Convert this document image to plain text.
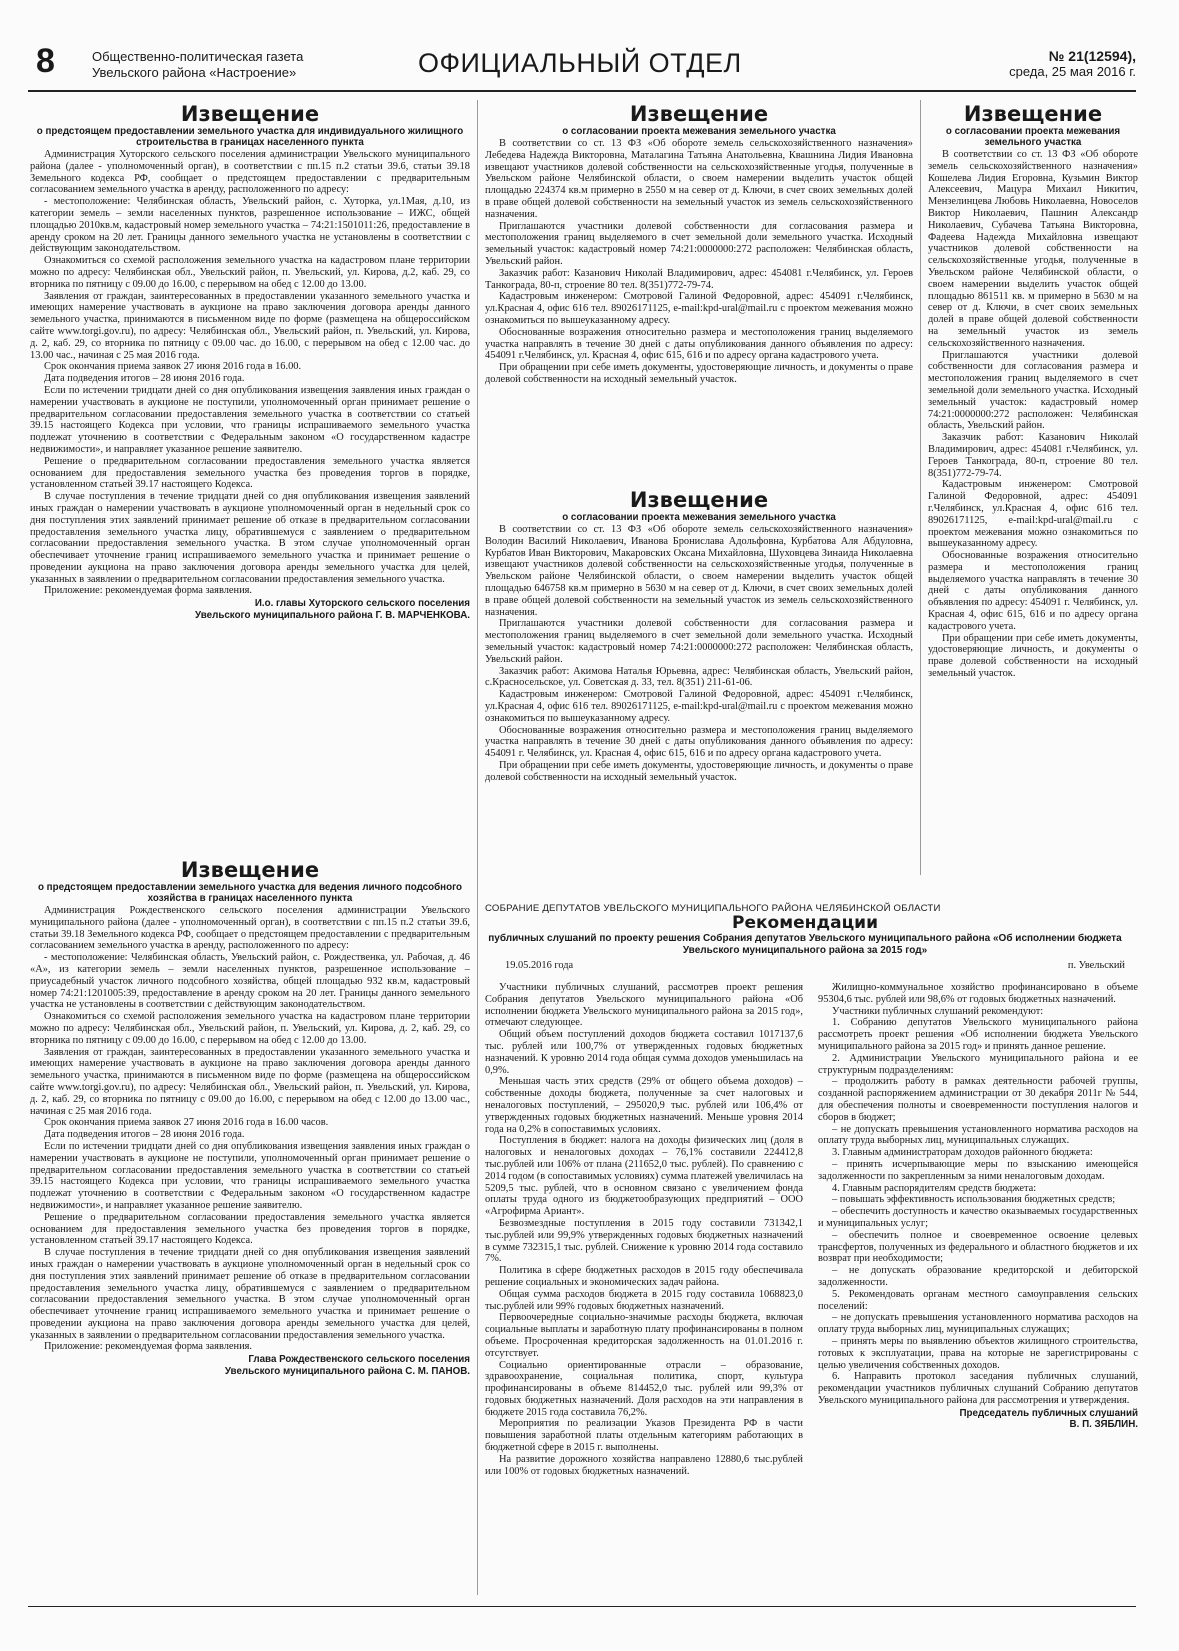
8	Общественно-политическая газета
Увельского района «Настроение»	ОФИЦИАЛЬНЫЙ ОТДЕЛ	№ 21(12594),
среда, 25 мая 2016 г.
Извещение
о предстоящем предоставлении земельного участка для индивидуального жилищного строительства в границах населенного пункта

Администрация Хуторского сельского поселения администрации Увельского муниципального района (далее - уполномоченный орган), в соответствии с пп.15 п.2 статьи 39.6, статьи 39.18 Земельного кодекса РФ, сообщает о предстоящем предоставлении с предварительным согласованием земельного участка в аренду, расположенного по адресу:

- местоположение: Челябинская область, Увельский район, с. Хуторка, ул.1Мая, д.10, из категории земель – земли населенных пунктов, разрешенное использование – ИЖС, общей площадью 2010кв.м, кадастровый номер земельного участка – 74:21:1501011:26, предоставление в аренду сроком на 20 лет. Границы данного земельного участка не установлены в соответствии с действующим законодательством.

Ознакомиться со схемой расположения земельного участка на кадастровом плане территории можно по адресу: Челябинская обл., Увельский район, п. Увельский, ул. Кирова, д.2, каб. 29, со вторника по пятницу с 09.00 до 16.00, с перерывом на обед с 12.00 до 13.00.

Заявления от граждан, заинтересованных в предоставлении указанного земельного участка и имеющих намерение участвовать в аукционе на право заключения договора аренды данного земельного участка, принимаются в письменном виде по форме (размещена на общероссийском сайте www.torgi.gov.ru), по адресу: Челябинская обл., Увельский район, п. Увельский, ул. Кирова, д. 2, каб. 29, со вторника по пятницу с 09.00 час. до 16.00, с перерывом на обед с 12.00 час. до 13.00 час., начиная с 25 мая 2016 года.

Срок окончания приема заявок 27 июня 2016 года в 16.00.

Дата подведения итогов – 28 июня 2016 года.

Если по истечении тридцати дней со дня опубликования извещения заявления иных граждан о намерении участвовать в аукционе не поступили, уполномоченный орган принимает решение о предварительном согласовании предоставления земельного участка в соответствии со статьей 39.15 настоящего Кодекса при условии, что границы испрашиваемого земельного участка подлежат уточнению в соответствии с Федеральным законом «О государственном кадастре недвижимости», и направляет указанное решение заявителю.

Решение о предварительном согласовании предоставления земельного участка является основанием для предоставления земельного участка без проведения торгов в порядке, установленном статьей 39.17 настоящего Кодекса.

В случае поступления в течение тридцати дней со дня опубликования извещения заявлений иных граждан о намерении участвовать в аукционе уполномоченный орган в недельный срок со дня поступления этих заявлений принимает решение об отказе в предварительном согласовании предоставления земельного участка лицу, обратившемуся с заявлением о предварительном согласовании предоставления земельного участка. В этом случае уполномоченный орган обеспечивает уточнение границ испрашиваемого земельного участка и принимает решение о проведении аукциона на право заключения договора аренды земельного участка для целей, указанных в заявлении о предварительном согласовании предоставления земельного участка.

Приложение: рекомендуемая форма заявления.

И.о. главы Хуторского сельского поселения
Увельского муниципального района Г. В. МАРЧЕНКОВА.
Извещение
о предстоящем предоставлении земельного участка для ведения личного подсобного хозяйства в границах населенного пункта

Администрация Рождественского сельского поселения администрации Увельского муниципального района (далее - уполномоченный орган), в соответствии с пп.15 п.2 статьи 39.6, статьи 39.18 Земельного кодекса РФ, сообщает о предстоящем предоставлении с предварительным согласованием земельного участка в аренду, расположенного по адресу:

- местоположение: Челябинская область, Увельский район, с. Рождественка, ул. Рабочая, д. 46 «А», из категории земель – земли населенных пунктов, разрешенное использование – приусадебный участок личного подсобного хозяйства, общей площадью 932 кв.м, кадастровый номер 74:21:1201005:39, предоставление в аренду сроком на 20 лет. Границы данного земельного участка не установлены в соответствии с действующим законодательством.

Ознакомиться со схемой расположения земельного участка на кадастровом плане территории можно по адресу: Челябинская обл., Увельский район, п. Увельский, ул. Кирова, д. 2, каб. 29, со вторника по пятницу с 09.00 до 16.00, с перерывом на обед с 12.00 до 13.00.

Заявления от граждан, заинтересованных в предоставлении указанного земельного участка и имеющих намерение участвовать в аукционе на право заключения договора аренды данного земельного участка, принимаются в письменном виде по форме (размещена на общероссийском сайте www.torgi.gov.ru), по адресу: Челябинская обл., Увельский район, п. Увельский, ул. Кирова, д. 2, каб. 29, со вторника по пятницу с 09.00 до 16.00, с перерывом на обед с 12.00 до 13.00 час., начиная с 25 мая 2016 года.

Срок окончания приема заявок 27 июня 2016 года в 16.00 часов.

Дата подведения итогов – 28 июня 2016 года.

Если по истечении тридцати дней со дня опубликования извещения заявления иных граждан о намерении участвовать в аукционе не поступили, уполномоченный орган принимает решение о предварительном согласовании предоставления земельного участка в соответствии со статьей 39.15 настоящего Кодекса при условии, что границы испрашиваемого земельного участка подлежат уточнению в соответствии с Федеральным законом «О государственном кадастре недвижимости», и направляет указанное решение заявителю.

Решение о предварительном согласовании предоставления земельного участка является основанием для предоставления земельного участка без проведения торгов в порядке, установленном статьей 39.17 настоящего Кодекса.

В случае поступления в течение тридцати дней со дня опубликования извещения заявлений иных граждан о намерении участвовать в аукционе уполномоченный орган в недельный срок со дня поступления этих заявлений принимает решение об отказе в предварительном согласовании предоставления земельного участка лицу, обратившемуся с заявлением о предварительном согласовании предоставления земельного участка. В этом случае уполномоченный орган обеспечивает уточнение границ испрашиваемого земельного участка и принимает решение о проведении аукциона на право заключения договора аренды земельного участка для целей, указанных в заявлении о предварительном согласовании предоставления земельного участка.

Приложение: рекомендуемая форма заявления.

Глава Рождественского сельского поселения
Увельского муниципального района С. М. ПАНОВ.
Извещение
о согласовании проекта межевания земельного участка

В соответствии со ст. 13 ФЗ «Об обороте земель сельскохозяйственного назначения» Лебедева Надежда Викторовна, Маталагина Татьяна Анатольевна, Квашнина Лидия Ивановна извещают участников долевой собственности на сельскохозяйственные угодья, полученные в Увельском районе Челябинской области, о своем намерении выделить участок общей площадью 224374 кв.м примерно в 2550 м на север от д. Ключи, в счет своих земельных долей в праве общей долевой собственности на земельный участок из земель сельскохозяйственного назначения.

Приглашаются участники долевой собственности для согласования размера и местоположения границ выделяемого в счет земельной доли земельного участка. Исходный земельный участок: кадастровый номер 74:21:0000000:272 расположен: Челябинская область, Увельский район.

Заказчик работ: Казанович Николай Владимирович, адрес: 454081 г.Челябинск, ул. Героев Танкограда, 80-п, строение 80 тел. 8(351)772-79-74.

Кадастровым инженером: Смотровой Галиной Федоровной, адрес: 454091 г.Челябинск, ул.Красная 4, офис 616 тел. 89026171125, e-mail:kpd-ural@mail.ru с проектом межевания можно ознакомиться по вышеуказанному адресу.

Обоснованные возражения относительно размера и местоположения границ выделяемого участка направлять в течение 30 дней с даты опубликования данного объявления по адресу: 454091 г.Челябинск, ул. Красная 4, офис 615, 616 и по адресу органа кадастрового учета.

При обращении при себе иметь документы, удостоверяющие личность, и документы о праве долевой собственности на исходный земельный участок.

Извещение
о согласовании проекта межевания земельного участка

В соответствии со ст. 13 ФЗ «Об обороте земель сельскохозяйственного назначения» Володин Василий Николаевич, Иванова Бронислава Адольфовна, Курбатова Аля Абдуловна, Курбатов Иван Викторович, Макаровских Оксана Михайловна, Шуховцева Зинаида Николаевна извещают участников долевой собственности на сельскохозяйственные угодья, полученные в Увельском районе Челябинской области, о своем намерении выделить участок общей площадью 646758 кв.м примерно в 5630 м на север от д. Ключи, в счет своих земельных долей в праве общей долевой собственности на земельный участок из земель сельскохозяйственного назначения.

Приглашаются участники долевой собственности для согласования размера и местоположения границ выделяемого в счет земельной доли земельного участка. Исходный земельный участок: кадастровый номер 74:21:0000000:272 расположен: Челябинская область, Увельский район.

Заказчик работ: Акимова Наталья Юрьевна, адрес: Челябинская область, Увельский район, с.Красносельское, ул. Советская д. 33, тел. 8(351) 211-61-06.

Кадастровым инженером: Смотровой Галиной Федоровной, адрес: 454091 г.Челябинск, ул.Красная 4, офис 616 тел. 89026171125, e-mail:kpd-ural@mail.ru с проектом межевания можно ознакомиться по вышеуказанному адресу.

Обоснованные возражения относительно размера и местоположения границ выделяемого участка направлять в течение 30 дней с даты опубликования данного объявления по адресу: 454091 г. Челябинск, ул. Красная 4, офис 615, 616 и по адресу органа кадастрового учета.

При обращении при себе иметь документы, удостоверяющие личность, и документы о праве долевой собственности на исходный земельный участок.

Извещение
о согласовании проекта межевания земельного участка

В соответствии со ст. 13 ФЗ «Об обороте земель сельскохозяйственного назначения» Кошелева Лидия Егоровна, Кузьмин Виктор Алексеевич, Мацура Михаил Никитич, Мензелинцева Любовь Николаевна, Новоселов Виктор Николаевич, Пашнин Александр Николаевич, Субачева Татьяна Викторовна, Фадеева Надежда Михайловна извещают участников долевой собственности на сельскохозяйственные угодья, полученные в Увельском районе Челябинской области, о своем намерении выделить участок общей площадью 861511 кв. м примерно в 5630 м на север от д. Ключи, в счет своих земельных долей в праве общей долевой собственности на земельный участок из земель сельскохозяйственного назначения.

Приглашаются участники долевой собственности для согласования размера и местоположения границ выделяемого в счет земельной доли земельного участка. Исходный земельный участок: кадастровый номер 74:21:0000000:272 расположен: Челябинская область, Увельский район.

Заказчик работ: Казанович Николай Владимирович, адрес: 454081 г.Челябинск, ул. Героев Танкограда, 80-п, строение 80 тел. 8(351)772-79-74.

Кадастровым инженером: Смотровой Галиной Федоровной, адрес: 454091 г.Челябинск, ул.Красная 4, офис 616 тел. 89026171125, e-mail:kpd-ural@mail.ru с проектом межевания можно ознакомиться по вышеуказанному адресу.

Обоснованные возражения относительно размера и местоположения границ выделяемого участка направлять в течение 30 дней с даты опубликования данного объявления по адресу: 454091 г. Челябинск, ул. Красная 4, офис 615, 616 и по адресу органа кадастрового учета.

При обращении при себе иметь документы, удостоверяющие личность, и документы о праве долевой собственности на исходный земельный участок.

СОБРАНИЕ ДЕПУТАТОВ УВЕЛЬСКОГО МУНИЦИПАЛЬНОГО РАЙОНА ЧЕЛЯБИНСКОЙ ОБЛАСТИ
Рекомендации
публичных слушаний по проекту решения Собрания депутатов Увельского муниципального района «Об исполнении бюджета Увельского муниципального района за 2015 год»
19.05.2016 года	п. Увельский

Участники публичных слушаний, рассмотрев проект решения Собрания депутатов Увельского муниципального района «Об исполнении бюджета Увельского муниципального района за 2015 год», отмечают следующее.

Общий объем поступлений доходов бюджета составил 1017137,6 тыс. рублей или 100,7% от утвержденных годовых бюджетных назначений. К уровню 2014 года общая сумма доходов уменьшилась на 0,9%.

Меньшая часть этих средств (29% от общего объема доходов) – собственные доходы бюджета, полученные за счет налоговых и неналоговых поступлений, – 295020,9 тыс. рублей или 106,4% от утвержденных годовых бюджетных назначений. Меньше уровня 2014 года на 0,2% в сопоставимых условиях.

Поступления в бюджет: налога на доходы физических лиц (доля в налоговых и неналоговых доходах – 76,1% составили 224412,8 тыс.рублей или 106% от плана (211652,0 тыс. рублей). По сравнению с 2014 годом (в сопоставимых условиях) сумма платежей увеличилась на 5209,5 тыс. рублей, что в основном связано с увеличением фонда оплаты труда одного из бюджетообразующих предприятий – ООО «Агрофирма Ариант».

Безвозмездные поступления в 2015 году составили 731342,1 тыс.рублей или 99,9% утвержденных годовых бюджетных назначений в сумме 732315,1 тыс. рублей. Снижение к уровню 2014 года составило 7%.

Политика в сфере бюджетных расходов в 2015 году обеспечивала решение социальных и экономических задач района.

Общая сумма расходов бюджета в 2015 году составила 1068823,0 тыс.рублей или 99% годовых бюджетных назначений.

Первоочередные социально-значимые расходы бюджета, включая социальные выплаты и заработную плату профинансированы в полном объеме. Просроченная кредиторская задолженность на 01.01.2016 г. отсутствует.

Социально ориентированные отрасли – образование, здравоохранение, социальная политика, спорт, культура профинансированы в объеме 814452,0 тыс. рублей или 99,3% от годовых бюджетных назначений. Доля расходов на эти направления в бюджете 2015 года составила 76,2%.

Мероприятия по реализации Указов Президента РФ в части повышения заработной платы отдельным категориям работающих в бюджетной сфере в 2015 г. выполнены.

На развитие дорожного хозяйства направлено 12880,6 тыс.рублей или 100% от годовых бюджетных назначений.

Жилищно-коммунальное хозяйство профинансировано в объеме 95304,6 тыс. рублей или 98,6% от годовых бюджетных назначений.

Участники публичных слушаний рекомендуют:

1. Собранию депутатов Увельского муниципального района рассмотреть проект решения «Об исполнении бюджета Увельского муниципального района за 2015 год» и принять данное решение.

2. Администрации Увельского муниципального района и ее структурным подразделениям:

– продолжить работу в рамках деятельности рабочей группы, созданной распоряжением администрации от 30 декабря 2011г № 544, для обеспечения полноты и своевременности поступления налогов и сборов в бюджет;

– не допускать превышения установленного норматива расходов на оплату труда выборных лиц, муниципальных служащих.

3. Главным администраторам доходов районного бюджета:

– принять исчерпывающие меры по взысканию имеющейся задолженности по закрепленным за ними неналоговым доходам.

4. Главным распорядителям средств бюджета:

– повышать эффективность использования бюджетных средств;

– обеспечить доступность и качество оказываемых государственных и муниципальных услуг;

– обеспечить полное и своевременное освоение целевых трансфертов, полученных из федерального и областного бюджетов и их возврат при необходимости;

– не допускать образование кредиторской и дебиторской задолженности.

5. Рекомендовать органам местного самоуправления сельских поселений:

– не допускать превышения установленного норматива расходов на оплату труда выборных лиц, муниципальных служащих;

– принять меры по выявлению объектов жилищного строительства, готовых к эксплуатации, права на которые не зарегистрированы с целью увеличения собственных доходов.

6. Направить протокол заседания публичных слушаний, рекомендации участников публичных слушаний Собранию депутатов Увельского муниципального района для рассмотрения и утверждения.

Председатель публичных слушаний
В. П. ЗЯБЛИН.
